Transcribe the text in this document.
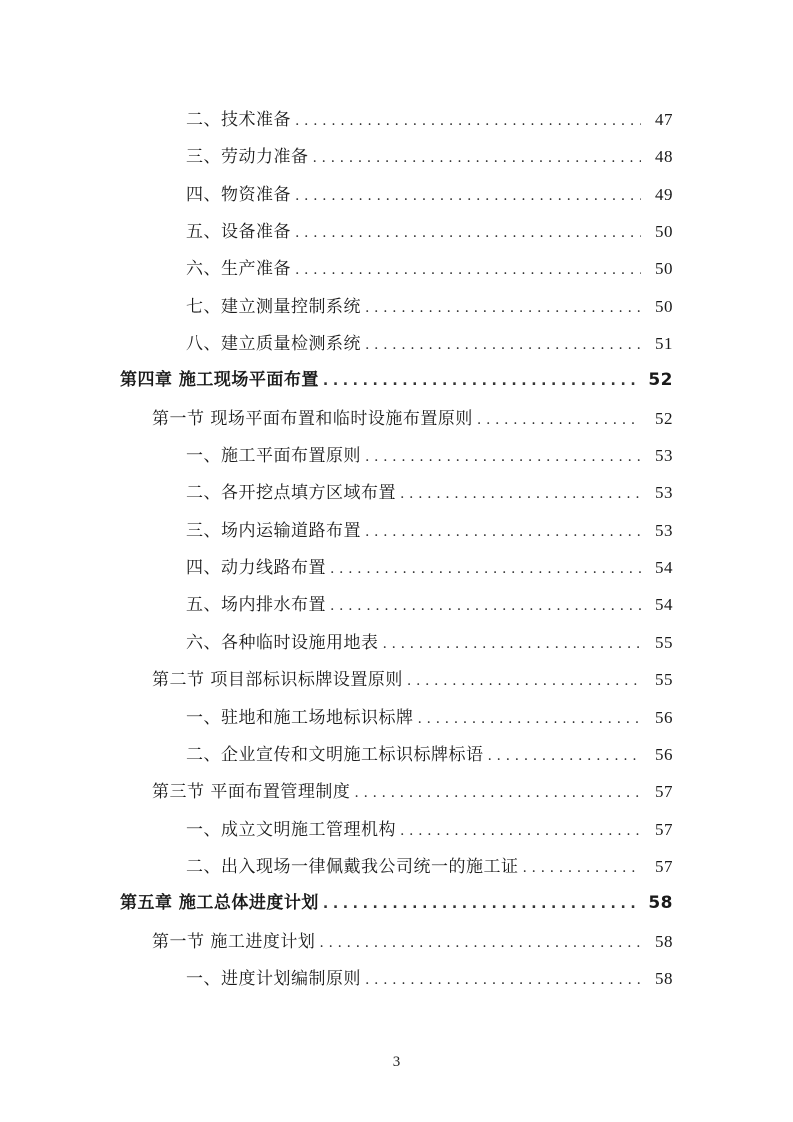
二、技术准备 .....	47
三、劳动力准备 .....	48
四、物资准备 .....	49
五、设备准备 .....	50
六、生产准备 .....	50
七、建立测量控制系统 .....	50
八、建立质量检测系统 .....	51
第四章 施工现场平面布置 .....	52
第一节 现场平面布置和临时设施布置原则 .....	52
一、施工平面布置原则 .....	53
二、各开挖点填方区域布置 .....	53
三、场内运输道路布置 .....	53
四、动力线路布置 .....	54
五、场内排水布置 .....	54
六、各种临时设施用地表 .....	55
第二节 项目部标识标牌设置原则 .....	55
一、驻地和施工场地标识标牌 .....	56
二、企业宣传和文明施工标识标牌标语 .....	56
第三节 平面布置管理制度 .....	57
一、成立文明施工管理机构 .....	57
二、出入现场一律佩戴我公司统一的施工证 .....	57
第五章 施工总体进度计划 .....	58
第一节 施工进度计划 .....	58
一、进度计划编制原则 .....	58
3
